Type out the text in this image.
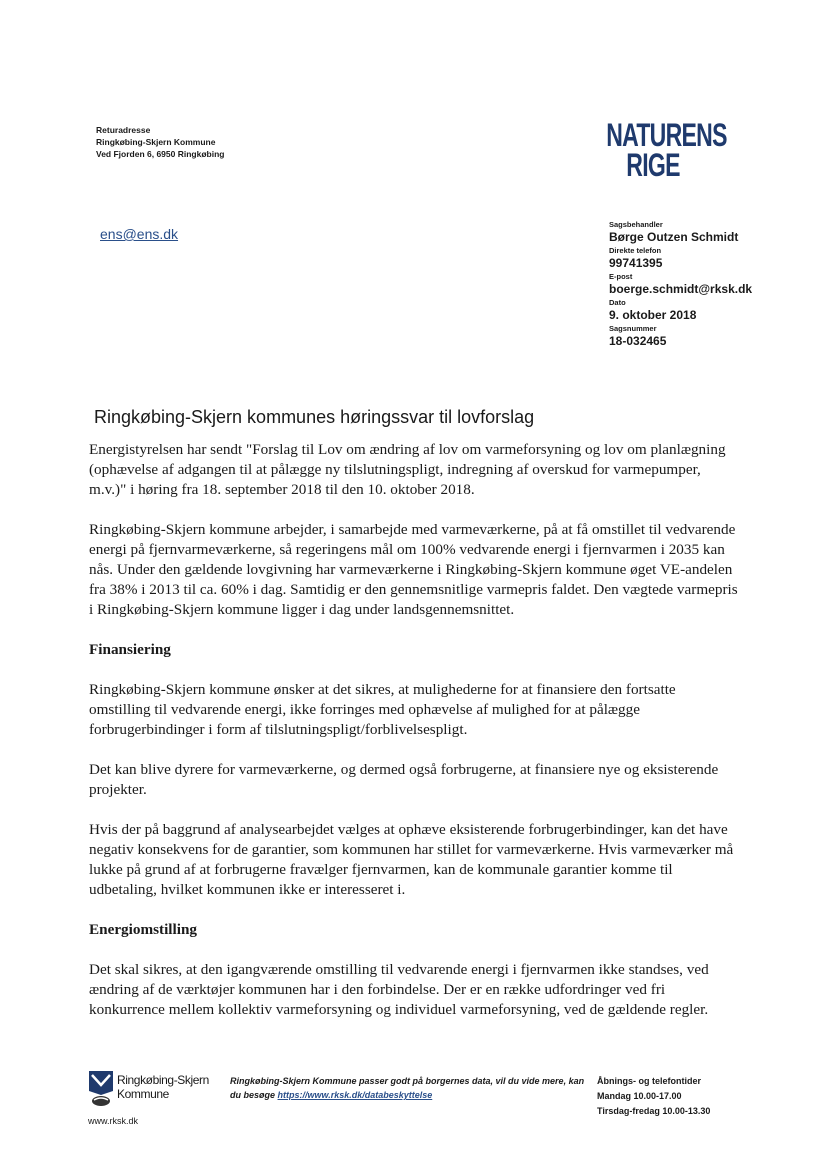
Returadresse
Ringkøbing-Skjern Kommune
Ved Fjorden 6, 6950 Ringkøbing
NATURENS
RIGE
ens@ens.dk
Sagsbehandler
Børge Outzen Schmidt
Direkte telefon
99741395
E-post
boerge.schmidt@rksk.dk
Dato
9. oktober 2018
Sagsnummer
18-032465
Ringkøbing-Skjern kommunes høringssvar til lovforslag

Energistyrelsen har sendt "Forslag til Lov om ændring af lov om varmeforsyning og lov om planlægning (ophævelse af adgangen til at pålægge ny tilslutningspligt, indregning af overskud for varmepumper, m.v.)" i høring fra 18. september 2018 til den 10. oktober 2018.

Ringkøbing-Skjern kommune arbejder, i samarbejde med varmeværkerne, på at få omstillet til vedvarende energi på fjernvarmeværkerne, så regeringens mål om 100% vedvarende energi i fjernvarmen i 2035 kan nås. Under den gældende lovgivning har varmeværkerne i Ringkøbing-Skjern kommune øget VE-andelen fra 38% i 2013 til ca. 60% i dag. Samtidig er den gennemsnitlige varmepris faldet. Den vægtede varmepris i Ringkøbing-Skjern kommune ligger i dag under landsgennemsnittet.

Finansiering

Ringkøbing-Skjern kommune ønsker at det sikres, at mulighederne for at finansiere den fortsatte omstilling til vedvarende energi, ikke forringes med ophævelse af mulighed for at pålægge forbrugerbindinger i form af tilslutningspligt/forblivelsespligt.

Det kan blive dyrere for varmeværkerne, og dermed også forbrugerne, at finansiere nye og eksisterende projekter.

Hvis der på baggrund af analysearbejdet vælges at ophæve eksisterende forbrugerbindinger, kan det have negativ konsekvens for de garantier, som kommunen har stillet for varmeværkerne. Hvis varmeværker må lukke på grund af at forbrugerne fravælger fjernvarmen, kan de kommunale garantier komme til udbetaling, hvilket kommunen ikke er interesseret i.

Energiomstilling

Det skal sikres, at den igangværende omstilling til vedvarende energi i fjernvarmen ikke standses, ved ændring af de værktøjer kommunen har i den forbindelse. Der er en række udfordringer ved fri konkurrence mellem kollektiv varmeforsyning og individuel varmeforsyning, ved de gældende regler.

Ringkøbing-Skjern
Kommune
www.rksk.dk
Ringkøbing-Skjern Kommune passer godt på borgernes data, vil du vide mere, kan du besøge https://www.rksk.dk/databeskyttelse
Åbnings- og telefontider
Mandag 10.00-17.00
Tirsdag-fredag 10.00-13.30
